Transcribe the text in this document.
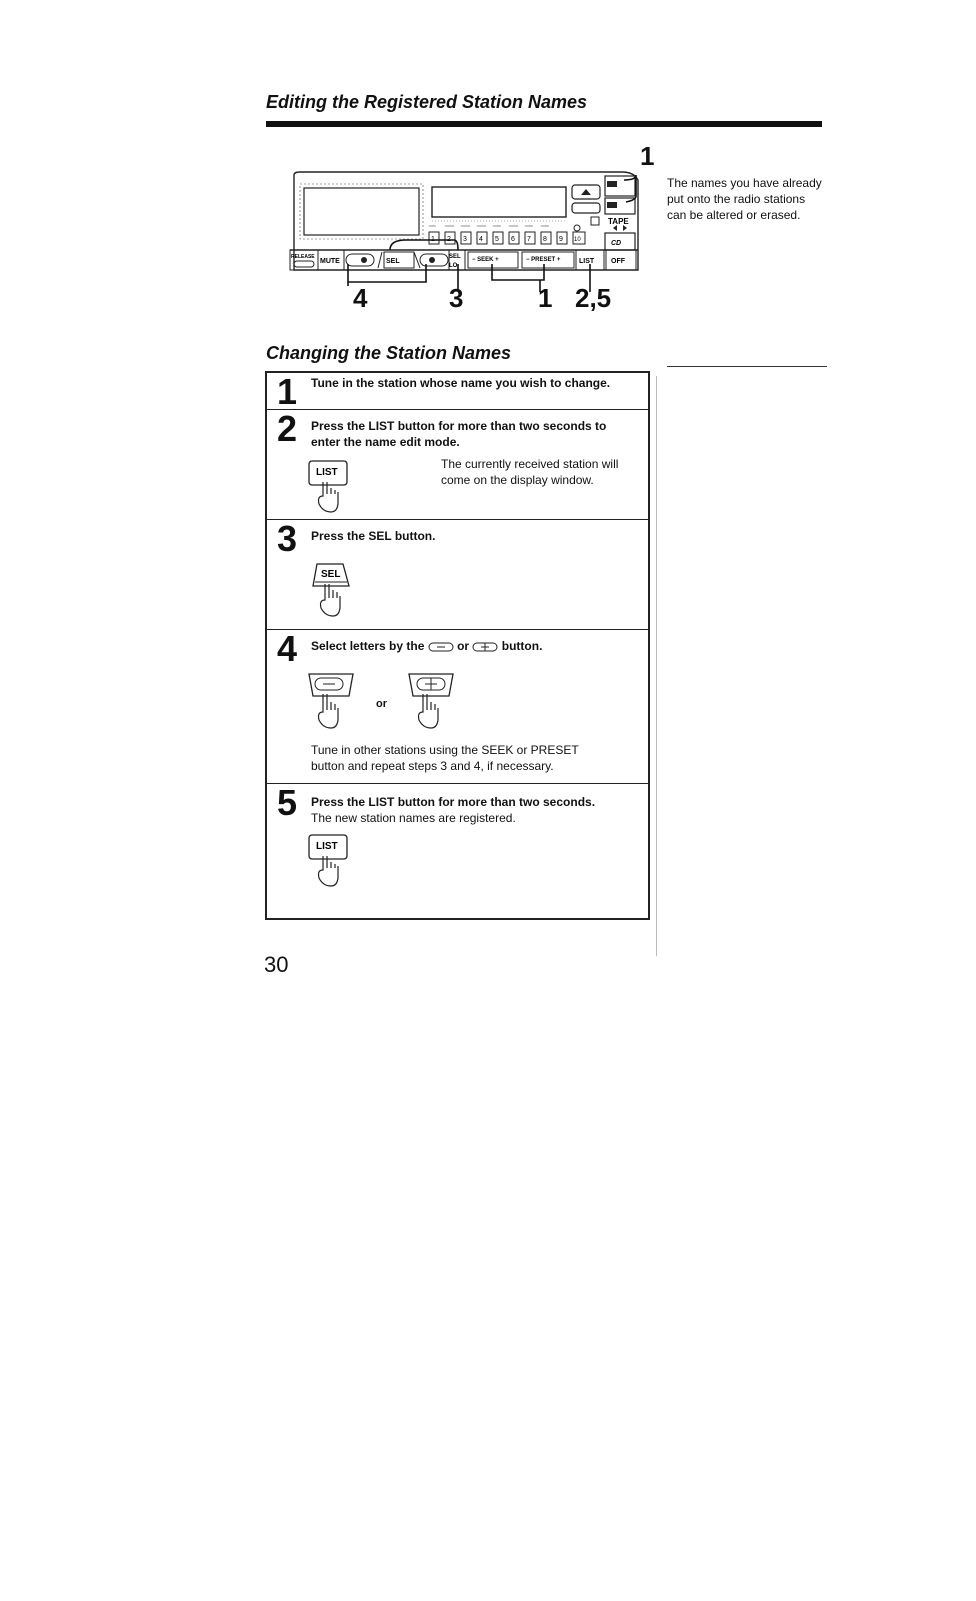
Editing the Registered Station Names
1 2 3 4 5 6 7 8 9 10
TAPE
CD
RELEASE
MUTE	SEL
SEL
LO
− SEEK +	− PRESET +	LIST OFF
1
4	3	1 2,5
The names you have already put onto the radio stations can be altered or erased.
Changing the Station Names
1 Tune in the station whose name you wish to change.
2 Press the LIST button for more than two seconds to enter the name edit mode.
LIST
The currently received station will come on the display window.
3 Press the SEL button.
SEL
4 Select letters by the	or	button.
or
Tune in other stations using the SEEK or PRESET button and repeat steps 3 and 4, if necessary.
5 Press the LIST button for more than two seconds.
The new station names are registered.
LIST
30
